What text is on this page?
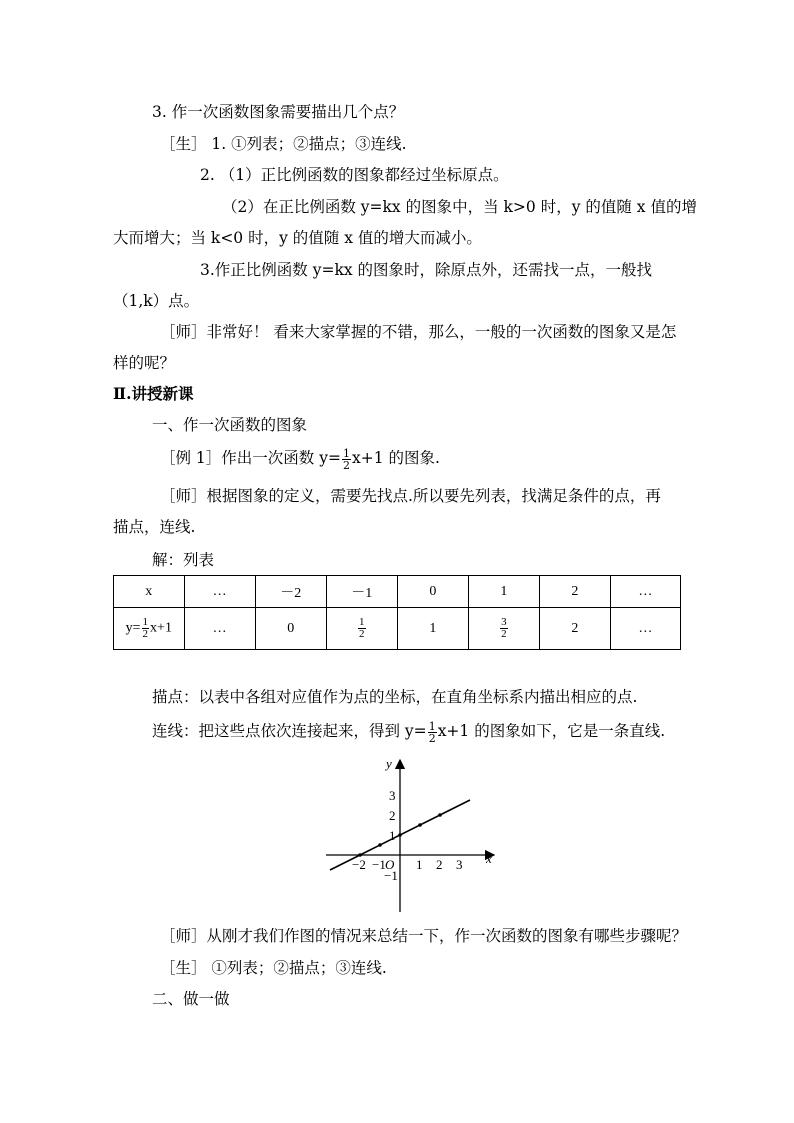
3. 作一次函数图象需要描出几个点？
［生］ 1. ①列表；②描点；③连线.
2. （1）正比例函数的图象都经过坐标原点。
（2）在正比例函数 y=kx 的图象中，当 k>0 时，y 的值随 x 值的增
大而增大；当 k<0 时，y 的值随 x 值的增大而减小。
3.作正比例函数 y=kx 的图象时，除原点外，还需找一点，一般找
（1,k）点。
［师］非常好！ 看来大家掌握的不错，那么，一般的一次函数的图象又是怎
样的呢？
Ⅱ.讲授新课
一、作一次函数的图象
［例 1］作出一次函数 $y= \frac{1}{2} x+1$ 的图象.
［师］根据图象的定义，需要先找点.所以要先列表，找满足条件的点，再
描点，连线.
解：列表
x	…	－2	－1	0	1	2	…
$y= \frac{1}{2} x+1$	…	0	$\frac{1}{2}$	1	$\frac{3}{2}$	2	…
描点：以表中各组对应值作为点的坐标，在直角坐标系内描出相应的点.
连线：把这些点依次连接起来，得到 $y= \frac{1}{2} x+1$ 的图象如下，它是一条直线.
y
x
−2 −1 O 1 2 3
3
2
1
−1
［师］从刚才我们作图的情况来总结一下，作一次函数的图象有哪些步骤呢？
［生］ ①列表；②描点；③连线.
二、做一做
